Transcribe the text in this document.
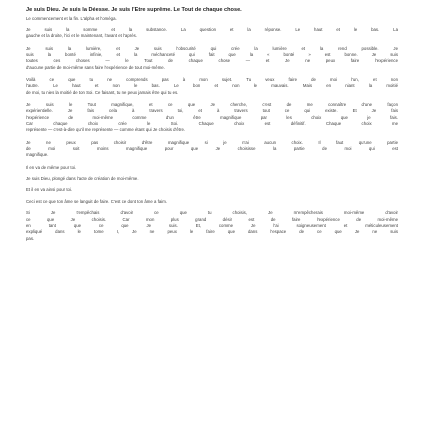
Je suis Dieu. Je suis la Déesse. Je suis l'Être suprême. Le Tout de chaque chose.
Le commencement et la fin. L'alpha et l'oméga.
Je suis la somme et la substance. La question et la réponse. Le haut et le bas. La
gauche et la droite, l'ici et le maintenant, l'avant et l'après.
Je suis la lumière, et Je suis l'obscurité qui crée la lumière et la rend possible. Je
suis la bonté infinie, et la méchanceté qui fait que la « bonté » est bonne. Je suis
toutes ces choses — le Tout de chaque chose — et Je ne peux faire l'expérience
d'aucune partie de moi-même sans faire l'expérience de tout moi-même.
Voilà ce que tu ne comprends pas à mon sujet. Tu veux faire de moi l'un, et non
l'autre. Le haut et non le bas. Le bon et non le mauvais. Mais en niant la moitié
de moi, tu nies la moitié de ton Soi. Ce faisant, tu ne peux jamais être qui tu es.
Je suis le Tout magnifique, et ce que Je cherche, c'est de me connaître d'une façon
expérientielle. Je fais cela à travers toi, et à travers tout ce qui existe. Et Je fais
l'expérience de moi-même comme d'un être magnifique par les choix que je fais.
Car chaque choix crée le Soi. Chaque choix est définitif. Chaque choix me
représente — c'est-à-dire qu'il me représente — comme étant qui Je choisis d'être.
Je ne peux pas choisir d'être magnifique si je n'ai aucun choix. Il faut qu'une partie
de moi soit moins magnifique pour que Je choisisse la partie de moi qui est
magnifique.
Il en va de même pour toi.
Je suis Dieu, plongé dans l'acte de création de moi-même.
Et il en va ainsi pour toi.
Ceci est ce que ton âme se languit de faire. C'est ce dont ton âme a faim.
Si Je t'empêchais d'avoir ce que tu choisis, Je m'empêcherais moi-même d'avoir
ce que Je choisis. Car mon plus grand désir est de faire l'expérience de moi-même
en tant que ce que Je suis. Et, comme Je l'ai soigneusement et méticuleusement
expliqué dans le tome I, Je ne peux le faire que dans l'espace de ce que Je ne suis
pas.
